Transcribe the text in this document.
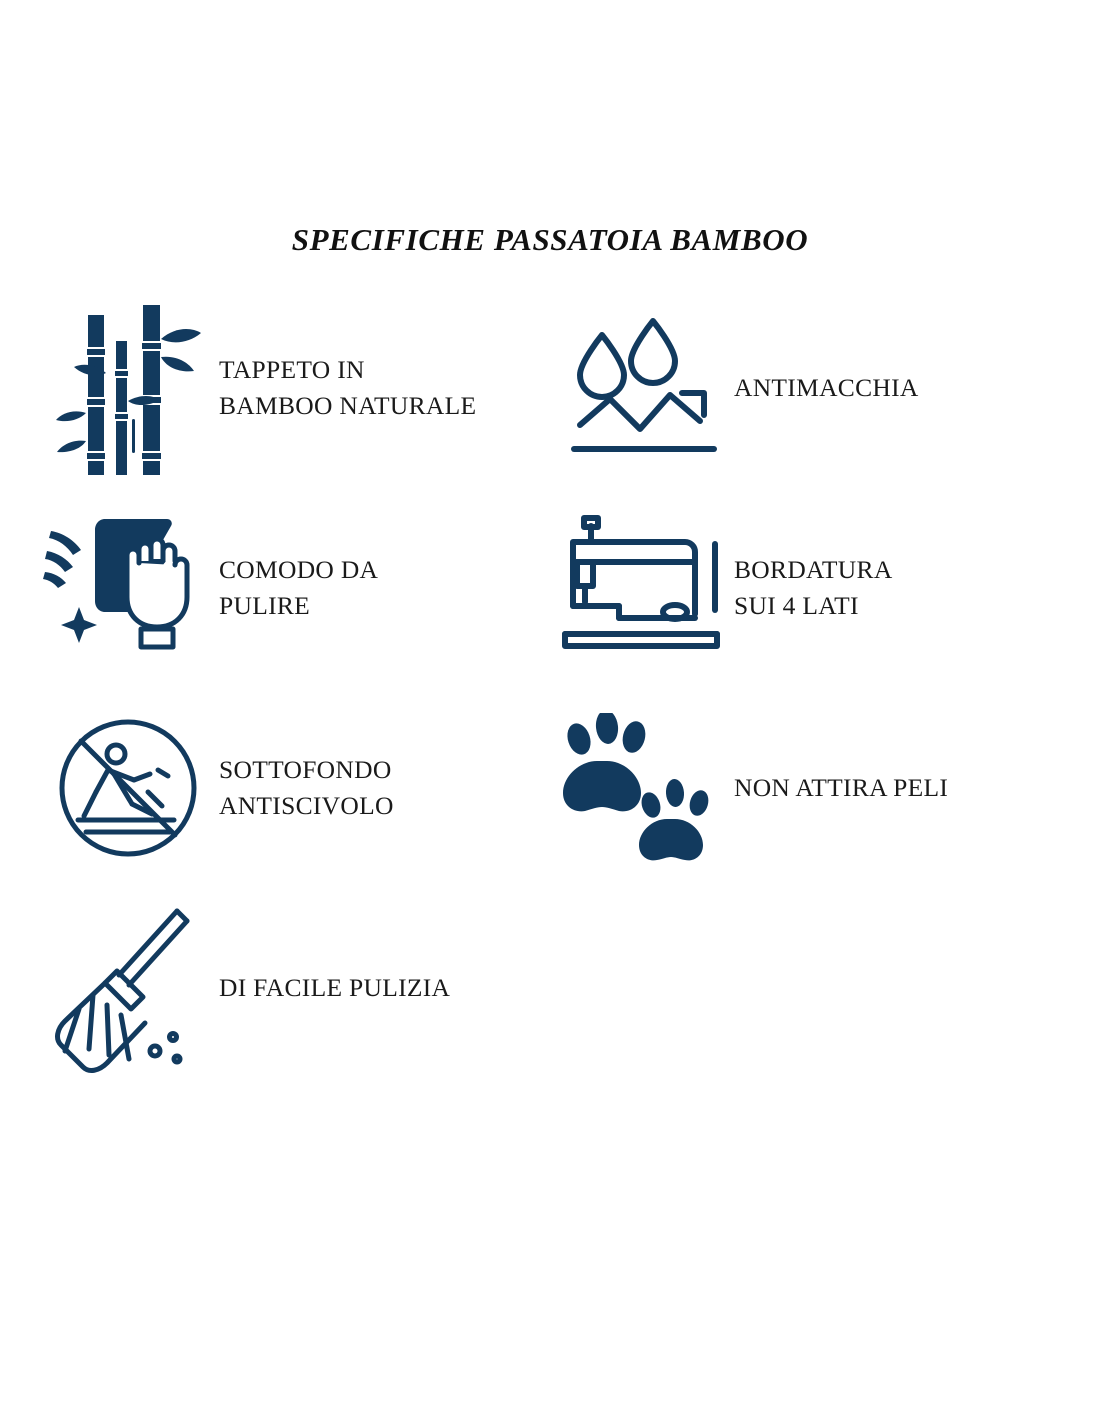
SPECIFICHE PASSATOIA BAMBOO
TAPPETO IN
BAMBOO NATURALE
ANTIMACCHIA
COMODO DA
PULIRE
BORDATURA
SUI 4 LATI
SOTTOFONDO
ANTISCIVOLO
NON ATTIRA PELI
DI FACILE PULIZIA
